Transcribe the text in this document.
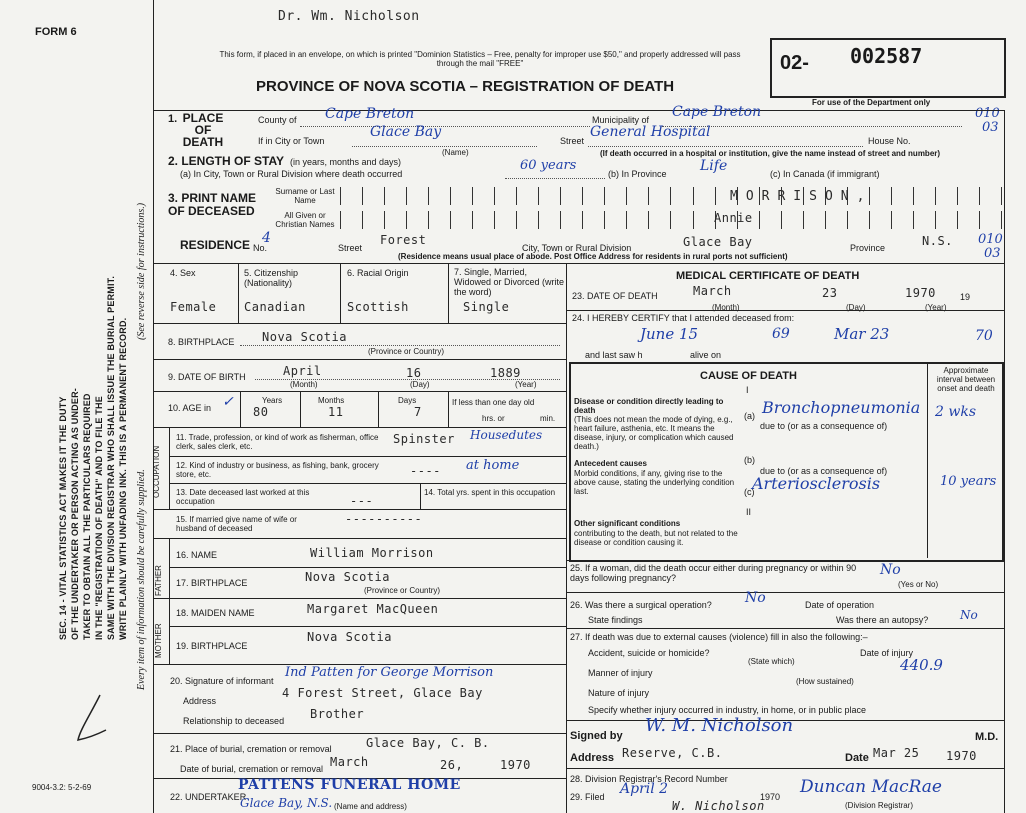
FORM 6
9004-3.2: 5-2-69
SEC. 14 - VITAL STATISTICS ACT MAKES IT THE DUTY OF THE UNDERTAKER OR PERSON ACTING AS UNDER- TAKER TO OBTAIN ALL THE PARTICULARS REQUIRED IN THE "REGISTRATION OF DEATH" AND TO FILE THE SAME WITH THE DIVISION REGISTRAR WHO SHALL ISSUE THE BURIAL PERMIT. WRITE PLAINLY WITH UNFADING INK. THIS IS A PERMANENT RECORD.
(See reverse side for instructions.)
Every item of information should be carefully supplied.
Dr. Wm. Nicholson
This form, if placed in an envelope, on which is printed "Dominion Statistics – Free, penalty for improper use $50," and properly addressed will pass through the mail "FREE"
PROVINCE OF NOVA SCOTIA – REGISTRATION OF DEATH
02- 002587
For use of the Department only
010
03
1. PLACE OF DEATH
County of Cape Breton	Municipality of Cape Breton
If in City or Town
Glace Bay
(Name)
Street
General Hospital
House No.
(If death occurred in a hospital or institution, give the name instead of street and number)
2. LENGTH OF STAY (in years, months and days)
(a) In City, Town or Rural Division where death occurred
60 years
(b) In Province Life	(c) In Canada (if immigrant)
3. PRINT NAME OF DECEASED
Surname or Last Name
All Given or Christian Names
MORRISON,
Annie
RESIDENCE No.
4
Street
Forest
City, Town or Rural Division	Glace Bay	Province	N.S. 010
03
(Residence means usual place of abode. Post Office Address for residents in rural ports not sufficient)
4. Sex
Female
5. Citizenship (Nationality)
Canadian
6. Racial Origin
Scottish
7. Single, Married, Widowed or Divorced (write the word)
Single
8. BIRTHPLACE Nova Scotia
(Province or Country)
9. DATE OF BIRTH	April	16	1889
(Month)	(Day)	(Year)
10. AGE in ✓	Years
80
Months
11
Days
7
If less than one day old
hrs. or	min.
OCCUPATION
11. Trade, profession, or kind of work as fisherman, office clerk, sales clerk, etc.
Spinster Housedutes
12. Kind of industry or business, as fishing, bank, grocery store, etc.	---- at home
13. Date deceased last worked at this occupation	---
14. Total yrs. spent in this occupation
15. If married give name of wife or husband of deceased
----------
FATHER
MOTHER
16. NAME	William Morrison
17. BIRTHPLACE	Nova Scotia
(Province or Country)
18. MAIDEN NAME	Margaret MacQueen
19. BIRTHPLACE
Nova Scotia
20. Signature of informant
Ind Patten for George Morrison
Address
4 Forest Street, Glace Bay
Relationship to deceased Brother
21. Place of burial, cremation or removal	Glace Bay, C. B.
Date of burial, cremation or removal March	26,	1970
22. UNDERTAKER
PATTENS FUNERAL HOME
Glace Bay, N.S. (Name and address)
MEDICAL CERTIFICATE OF DEATH
23. DATE OF DEATH	March	23	1970	19
(Month)	(Day)	(Year)
24. I HEREBY CERTIFY that I attended deceased from:
June 15	69	Mar 23	70
and last saw h	alive on
CAUSE OF DEATH
I
Approximate interval between onset and death
Disease or condition directly leading to death
(This does not mean the mode of dying, e.g., heart failure, asthenia, etc. It means the disease, injury, or complication which caused death.)
(a) Bronchopneumonia 2 wks
due to (or as a consequence of)
Antecedent causes
Morbid conditions, if any, giving rise to the above cause, stating the underlying condition last.
(b)
due to (or as a consequence of)
(c)
Arteriosclerosis	10 years
II
Other significant conditions
contributing to the death, but not related to the disease or condition causing it.
25. If a woman, did the death occur either during pregnancy or within 90 days following pregnancy?	No
(Yes or No)
26. Was there a surgical operation? No	Date of operation
State findings	Was there an autopsy?	No
27. If death was due to external causes (violence) fill in also the following:–
Accident, suicide or homicide?	Date of injury
(State which)	440.9
Manner of injury
(How sustained)
Nature of injury
Specify whether injury occurred in industry, in home, or in public place
Signed by W. M. Nicholson
M.D.
Address Reserve, C.B.	Date Mar 25 1970
28. Division Registrar's Record Number
29. Filed April 2	1970 Duncan MacRae
(Division Registrar)
W. Nicholson
